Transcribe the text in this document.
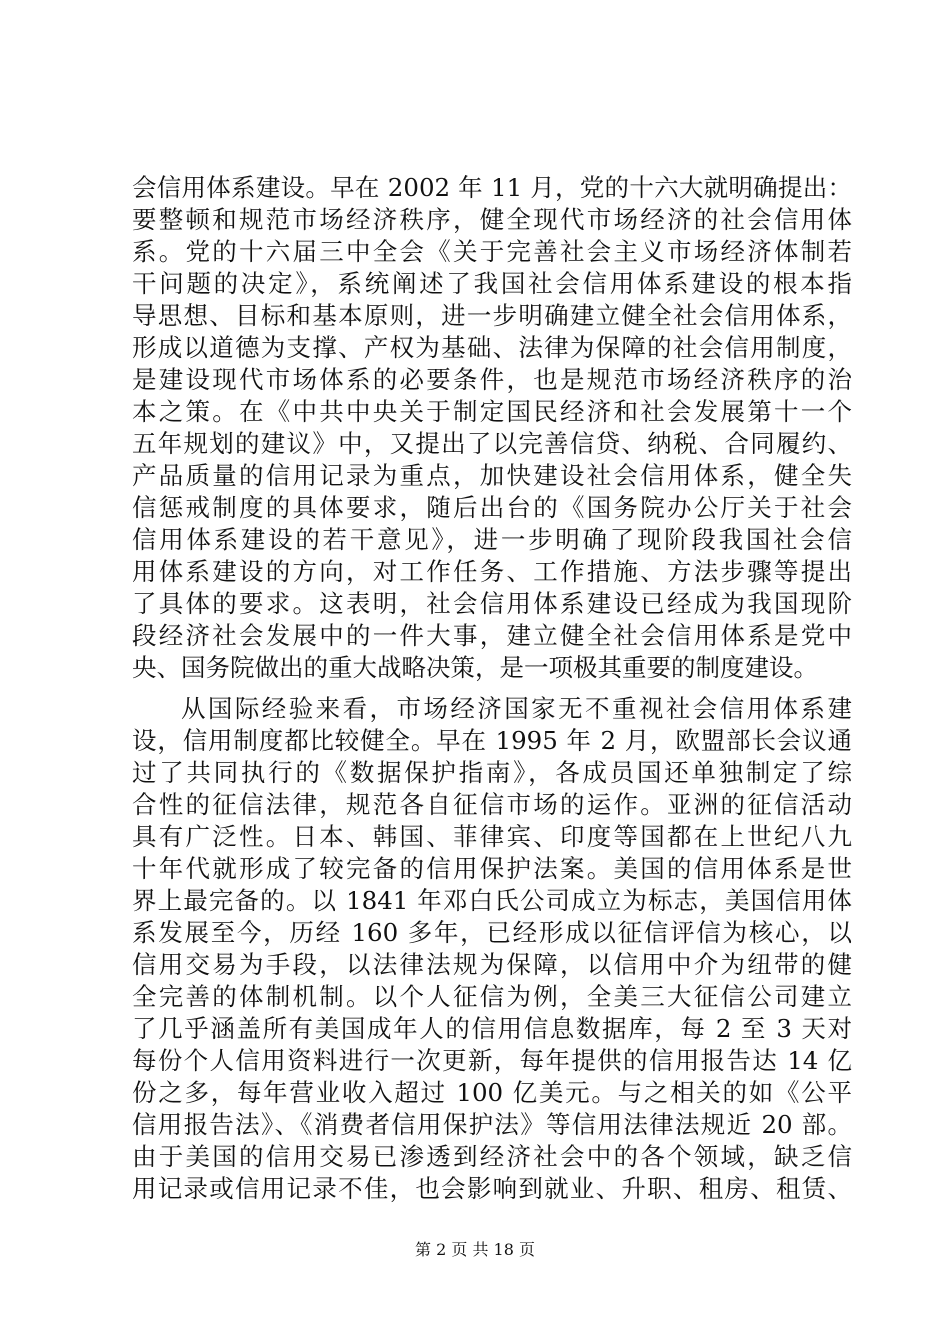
会信用体系建设。早在 2002 年 11 月，党的十六大就明确提出：
要整顿和规范市场经济秩序，健全现代市场经济的社会信用体
系。党的十六届三中全会《关于完善社会主义市场经济体制若
干问题的决定》，系统阐述了我国社会信用体系建设的根本指
导思想、目标和基本原则，进一步明确建立健全社会信用体系，
形成以道德为支撑、产权为基础、法律为保障的社会信用制度，
是建设现代市场体系的必要条件，也是规范市场经济秩序的治
本之策。在《中共中央关于制定国民经济和社会发展第十一个
五年规划的建议》中，又提出了以完善信贷、纳税、合同履约、
产品质量的信用记录为重点，加快建设社会信用体系，健全失
信惩戒制度的具体要求，随后出台的《国务院办公厅关于社会
信用体系建设的若干意见》，进一步明确了现阶段我国社会信
用体系建设的方向，对工作任务、工作措施、方法步骤等提出
了具体的要求。这表明，社会信用体系建设已经成为我国现阶
段经济社会发展中的一件大事，建立健全社会信用体系是党中
央、国务院做出的重大战略决策，是一项极其重要的制度建设。
从国际经验来看，市场经济国家无不重视社会信用体系建
设，信用制度都比较健全。早在 1995 年 2 月，欧盟部长会议通
过了共同执行的《数据保护指南》，各成员国还单独制定了综
合性的征信法律，规范各自征信市场的运作。亚洲的征信活动
具有广泛性。日本、韩国、菲律宾、印度等国都在上世纪八九
十年代就形成了较完备的信用保护法案。美国的信用体系是世
界上最完备的。以 1841 年邓白氏公司成立为标志，美国信用体
系发展至今，历经 160 多年，已经形成以征信评信为核心，以
信用交易为手段，以法律法规为保障，以信用中介为纽带的健
全完善的体制机制。以个人征信为例，全美三大征信公司建立
了几乎涵盖所有美国成年人的信用信息数据库，每 2 至 3 天对
每份个人信用资料进行一次更新，每年提供的信用报告达 14 亿
份之多，每年营业收入超过 100 亿美元。与之相关的如《公平
信用报告法》、《消费者信用保护法》等信用法律法规近 20 部。
由于美国的信用交易已渗透到经济社会中的各个领域，缺乏信
用记录或信用记录不佳，也会影响到就业、升职、租房、租赁、
第 2 页 共 18 页
